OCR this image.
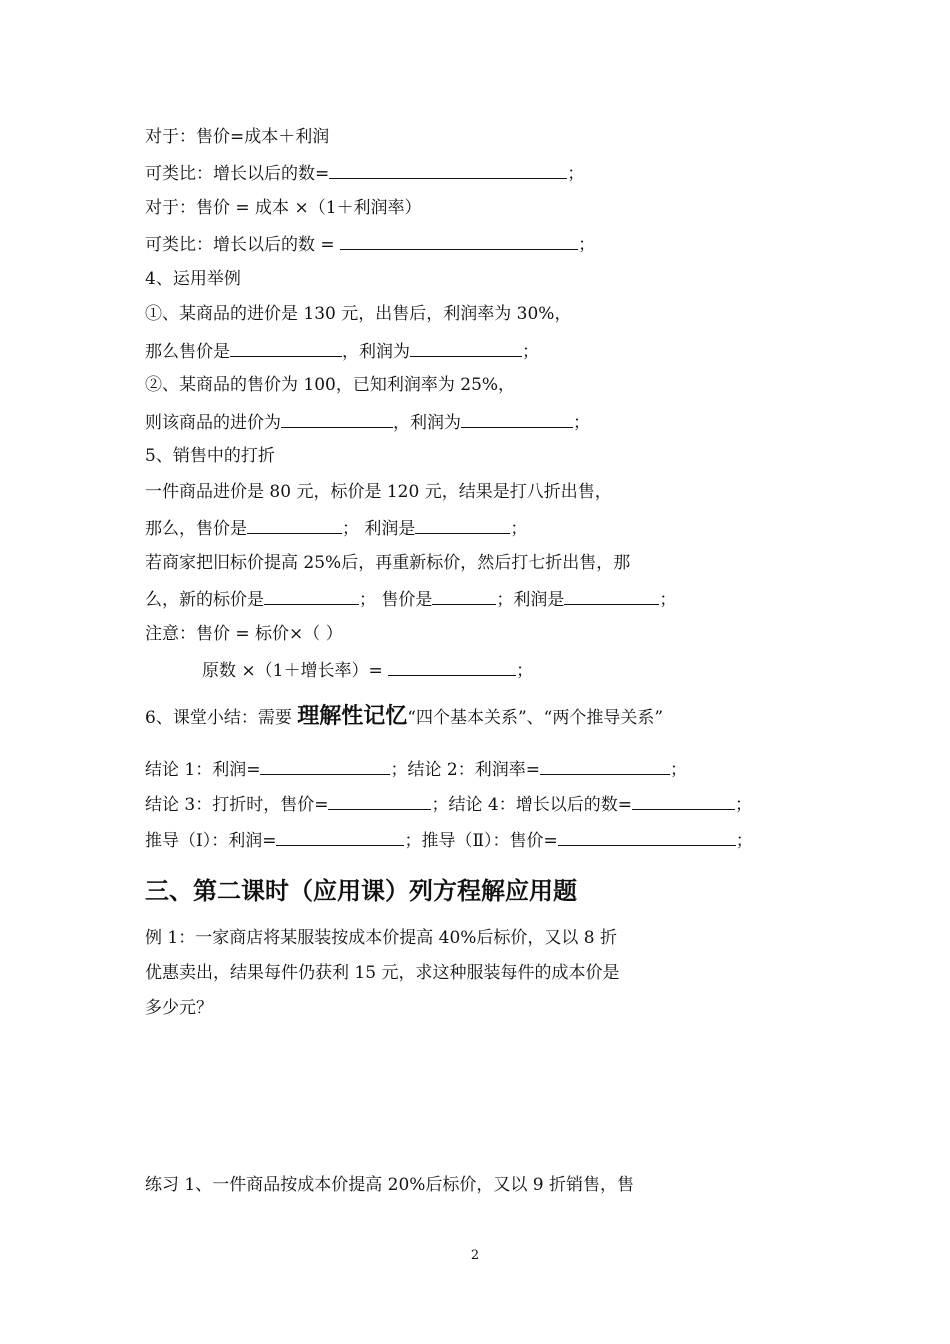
对于：售价=成本＋利润
可类比：增长以后的数=	；
对于：售价 = 成本 ×（1＋利润率）
可类比：增长以后的数 =	；
4、运用举例
①、某商品的进价是 130 元，出售后，利润率为 30%，
那么售价是	，利润为	；
②、某商品的售价为 100，已知利润率为 25%，
则该商品的进价为	，利润为	；
5、销售中的打折
一件商品进价是 80 元，标价是 120 元，结果是打八折出售，
那么，售价是	； 利润是	；
若商家把旧标价提高 25%后，再重新标价，然后打七折出售，那
么，新的标价是	； 售价是	；利润是	；
注意：售价 = 标价×（ ）
原数 ×（1＋增长率）=	；
6、课堂小结：需要 理解性记忆“四个基本关系”、“两个推导关系”
结论 1：利润=	；结论 2：利润率=	；
结论 3：打折时，售价=	；结论 4：增长以后的数=	；
推导（Ⅰ）：利润=	；推导（Ⅱ）：售价=	；
三、第二课时（应用课）列方程解应用题
例 1：一家商店将某服装按成本价提高 40%后标价，又以 8 折
优惠卖出，结果每件仍获利 15 元，求这种服装每件的成本价是
多少元？
练习 1、一件商品按成本价提高 20%后标价，又以 9 折销售，售
2
